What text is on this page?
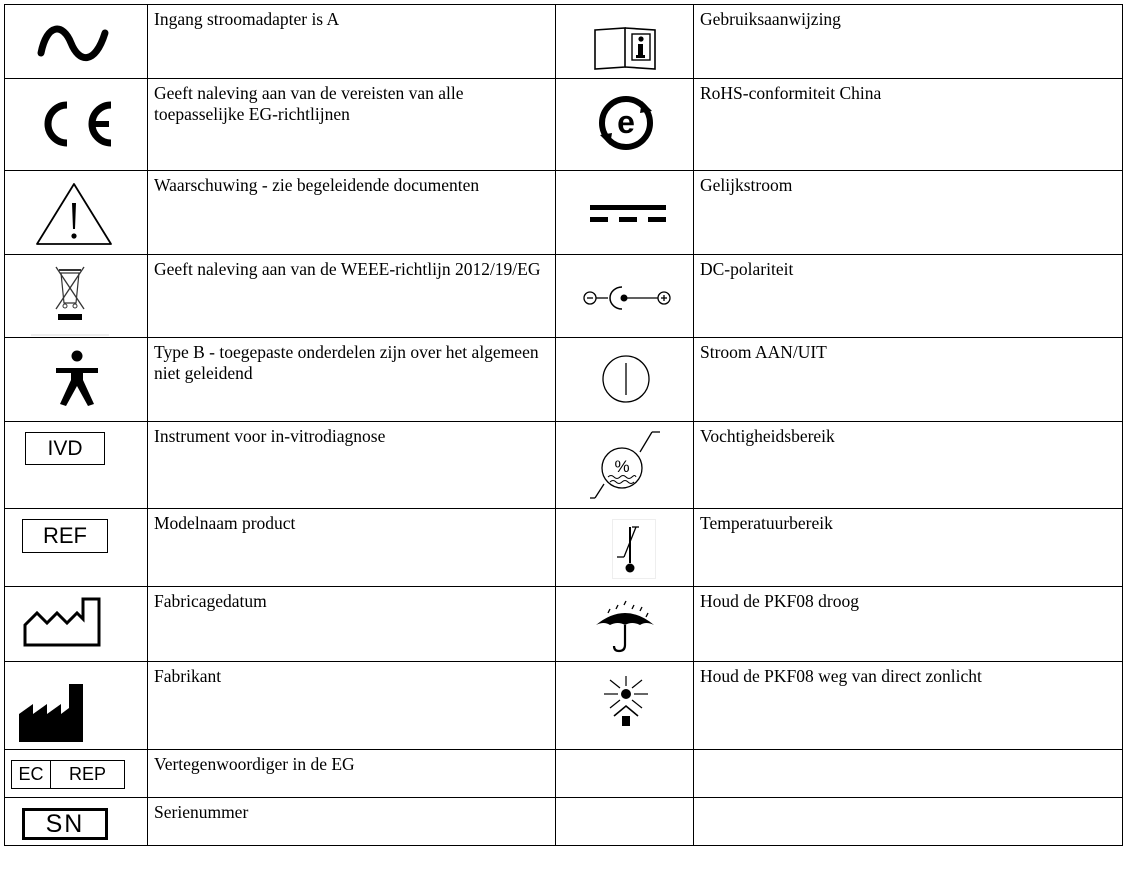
	Ingang stroomadapter is A		Gebruiksaanwijzing

	Geeft naleving aan van de vereisten van alle toepasselijke EG-richtlijnen	e	RoHS-conformiteit China

	Waarschuwing - zie begeleidende documenten		Gelijkstroom

	Geeft naleving aan van de WEEE-richtlijn 2012/19/EG		DC-polariteit

	Type B - toegepaste onderdelen zijn over het algemeen niet geleidend		Stroom AAN/UIT

IVD	Instrument voor in-vitrodiagnose	%	Vochtigheidsbereik

REF	Modelnaam product		Temperatuurbereik

	Fabricagedatum		Houd de PKF08 droog

	Fabrikant		Houd de PKF08 weg van direct zonlicht

EC REP	Vertegenwoordiger in de EG		

SN	Serienummer		
